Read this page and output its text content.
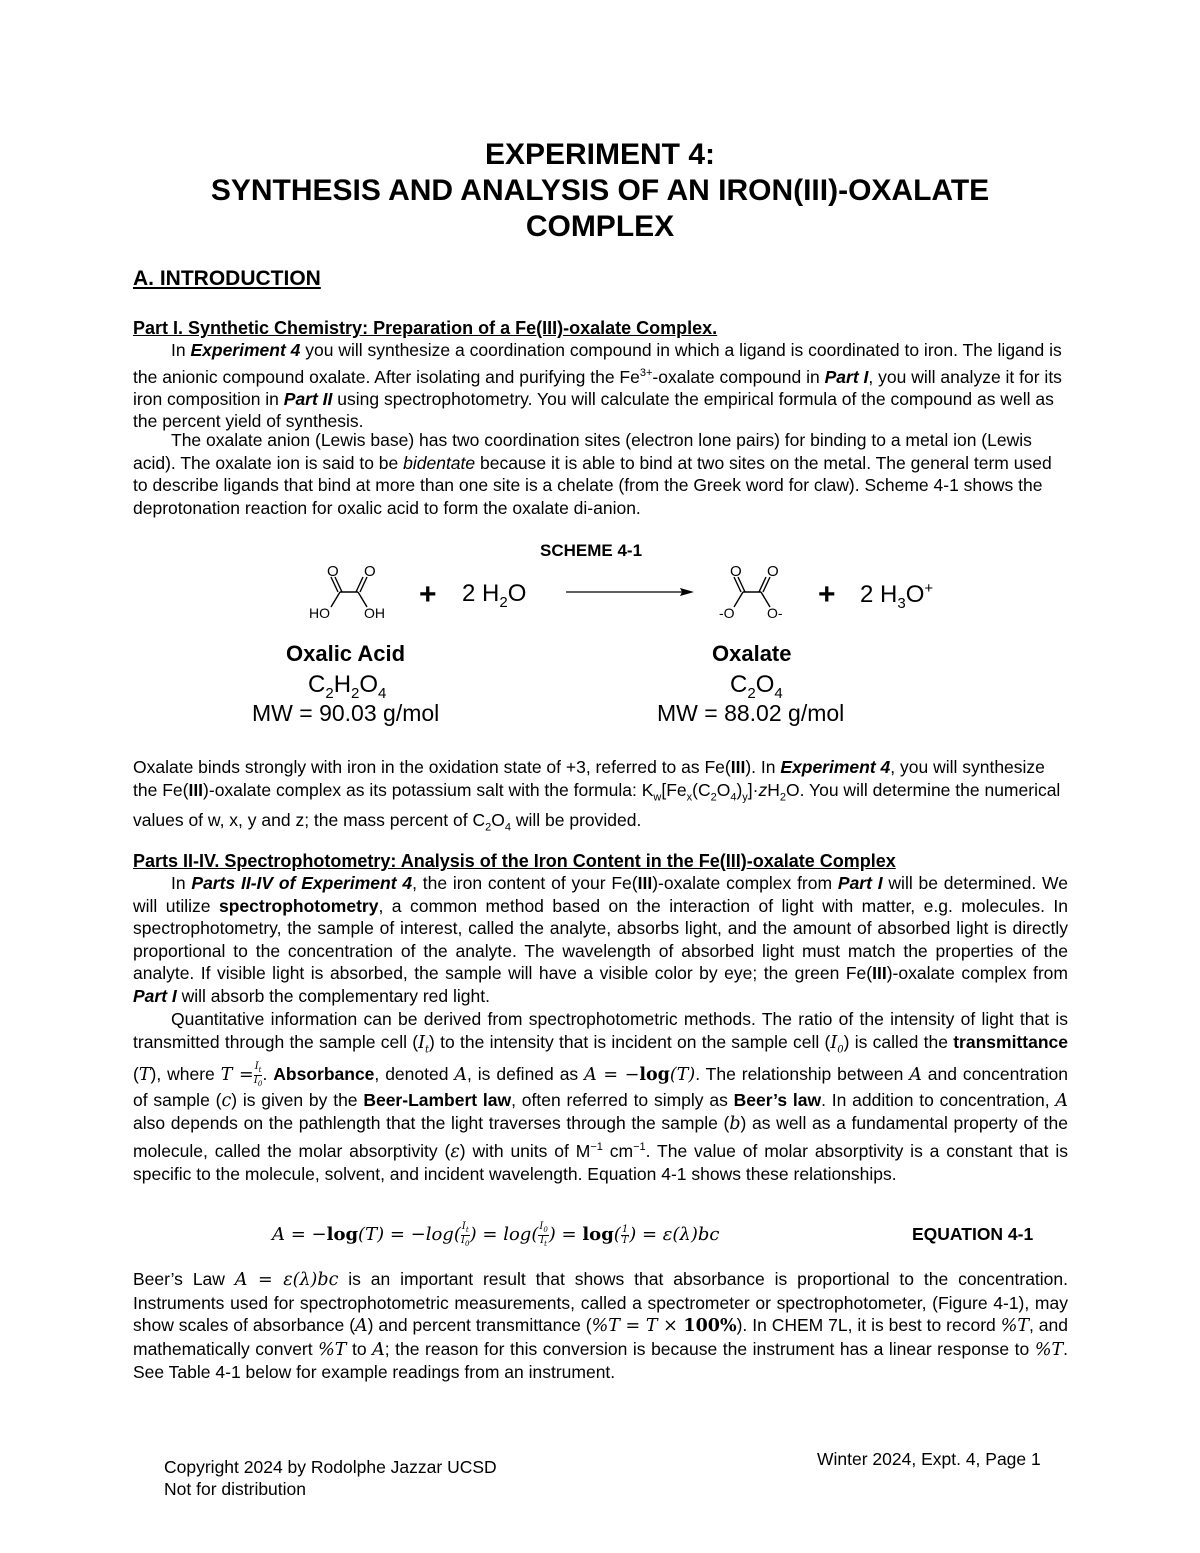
EXPERIMENT 4:
SYNTHESIS AND ANALYSIS OF AN IRON(III)-OXALATE
COMPLEX
A. INTRODUCTION
Part I. Synthetic Chemistry: Preparation of a Fe(III)-oxalate Complex.
In Experiment 4 you will synthesize a coordination compound in which a ligand is coordinated to iron. The ligand is the anionic compound oxalate. After isolating and purifying the $Fe^{3+}$-oxalate compound in Part I, you will analyze it for its iron composition in Part II using spectrophotometry. You will calculate the empirical formula of the compound as well as the percent yield of synthesis.
The oxalate anion (Lewis base) has two coordination sites (electron lone pairs) for binding to a metal ion (Lewis acid). The oxalate ion is said to be bidentate because it is able to bind at two sites on the metal. The general term used to describe ligands that bind at more than one site is a chelate (from the Greek word for claw). Scheme 4-1 shows the deprotonation reaction for oxalic acid to form the oxalate di-anion.
SCHEME 4-1
O O
HO OH
+ 2 $H_2O$
O O
-O O-
+ 2 $H_3O^+$
Oxalic Acid
$C_2H_2O_4$
MW = 90.03 g/mol
Oxalate
$C_2O_4$
MW = 88.02 g/mol
Oxalate binds strongly with iron in the oxidation state of +3, referred to as Fe(III). In Experiment 4, you will synthesize the Fe(III)-oxalate complex as its potassium salt with the formula: $K_w[Fe_x(C_2O_4)_y]\cdot zH_2O$. You will determine the numerical values of w, x, y and z; the mass percent of $C_2O_4$ will be provided.
Parts II-IV. Spectrophotometry: Analysis of the Iron Content in the Fe(III)-oxalate Complex
In Parts II-IV of Experiment 4, the iron content of your Fe(III)-oxalate complex from Part I will be determined. We will utilize spectrophotometry, a common method based on the interaction of light with matter, e.g. molecules. In spectrophotometry, the sample of interest, called the analyte, absorbs light, and the amount of absorbed light is directly proportional to the concentration of the analyte. The wavelength of absorbed light must match the properties of the analyte. If visible light is absorbed, the sample will have a visible color by eye; the green Fe(III)-oxalate complex from Part I will absorb the complementary red light.
Quantitative information can be derived from spectrophotometric methods. The ratio of the intensity of light that is transmitted through the sample cell $(I_t)$ to the intensity that is incident on the sample cell $(I_0)$ is called the transmittance (T), where $T = \frac{I_t}{I_0}$ . Absorbance, denoted A, is defined as A = −log(T). The relationship between A and concentration of sample (c) is given by the Beer-Lambert law, often referred to simply as Beer’s law. In addition to concentration, A also depends on the pathlength that the light traverses through the sample (b) as well as a fundamental property of the molecule, called the molar absorptivity (ε) with units of $M^{-1}$ $cm^{-1}$. The value of molar absorptivity is a constant that is specific to the molecule, solvent, and incident wavelength. Equation 4-1 shows these relationships.
$A = -\log(T) = -\log( \frac{I_t}{I_0}$ ) = $\log( \frac{I_0}{I_t}$ ) = $\log( \frac{1}{T}$ ) = ε(λ)bc	EQUATION 4-1
Beer’s Law A = ε(λ)bc is an important result that shows that absorbance is proportional to the concentration. Instruments used for spectrophotometric measurements, called a spectrometer or spectrophotometer, (Figure 4-1), may show scales of absorbance (A) and percent transmittance (%T = T × 100%). In CHEM 7L, it is best to record %T, and mathematically convert %T to A; the reason for this conversion is because the instrument has a linear response to %T. See Table 4-1 below for example readings from an instrument.
Copyright 2024 by Rodolphe Jazzar UCSD
Not for distribution
Winter 2024, Expt. 4, Page 1
